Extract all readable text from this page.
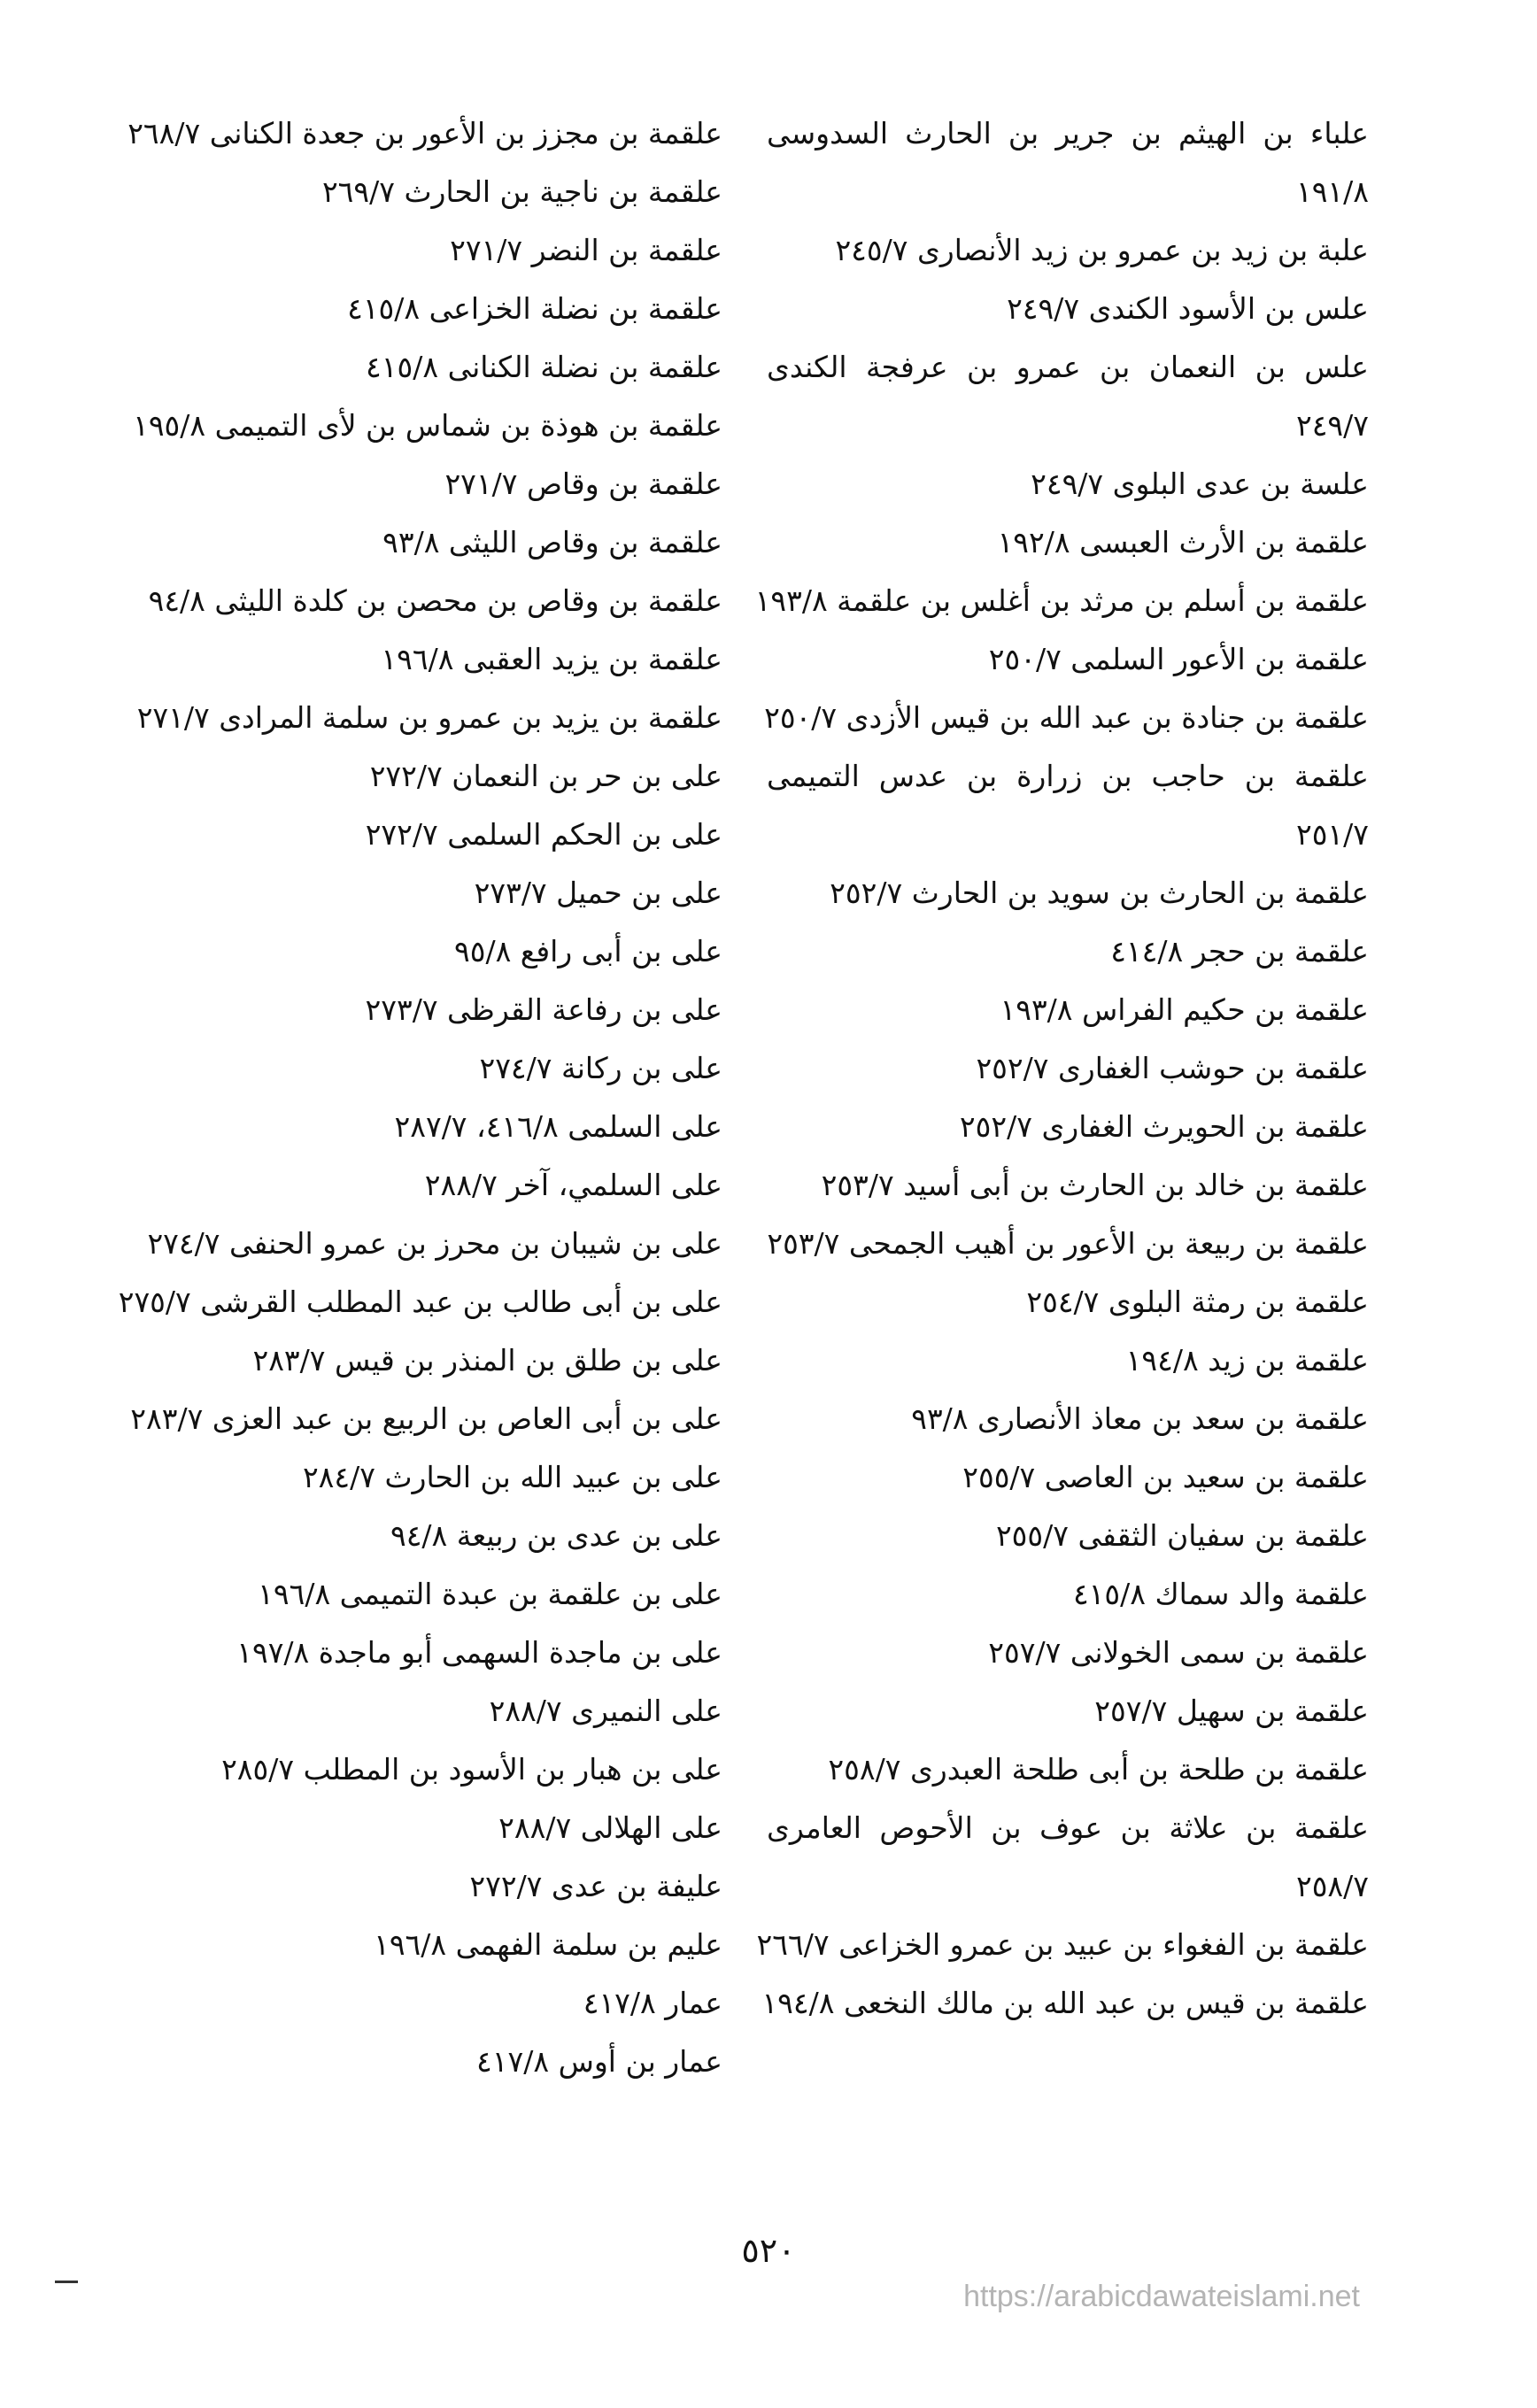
علباء بن الهيثم بن جرير بن الحارث السدوسی ۱۹۱/۸

علبة بن زيد بن عمرو بن زيد الأنصاری ۲٤٥/۷

علس بن الأسود الكندی ۲٤۹/۷

علس بن النعمان بن عمرو بن عرفجة الكندی ۲٤۹/۷

علسة بن عدی البلوی ۲٤۹/۷

علقمة بن الأرث العبسی ۱۹۲/۸

علقمة بن أسلم بن مرثد بن أغلس بن علقمة ۱۹۳/۸

علقمة بن الأعور السلمی ۲٥۰/۷

علقمة بن جنادة بن عبد الله بن قيس الأزدی ۲٥۰/۷

علقمة بن حاجب بن زرارة بن عدس التميمی ۲٥۱/۷

علقمة بن الحارث بن سويد بن الحارث ۲٥۲/۷

علقمة بن حجر ٤۱٤/۸

علقمة بن حكيم الفراس ۱۹۳/۸

علقمة بن حوشب الغفاری ۲٥۲/۷

علقمة بن الحويرث الغفاری ۲٥۲/۷

علقمة بن خالد بن الحارث بن أبی أسيد ۲٥۳/۷

علقمة بن ربيعة بن الأعور بن أهيب الجمحی ۲٥۳/۷

علقمة بن رمثة البلوی ۲٥٤/۷

علقمة بن زيد ۱۹٤/۸

علقمة بن سعد بن معاذ الأنصاری ۹۳/۸

علقمة بن سعيد بن العاصی ۲٥٥/۷

علقمة بن سفيان الثقفی ۲٥٥/۷

علقمة والد سماك ٤۱٥/۸

علقمة بن سمی الخولانی ۲٥۷/۷

علقمة بن سهيل ۲٥۷/۷

علقمة بن طلحة بن أبی طلحة العبدری ۲٥۸/۷

علقمة بن علاثة بن عوف بن الأحوص العامری ۲٥۸/۷

علقمة بن الفغواء بن عبيد بن عمرو الخزاعی ۲٦٦/۷

علقمة بن قيس بن عبد الله بن مالك النخعی ۱۹٤/۸

علقمة بن مجزز بن الأعور بن جعدة الكنانی ۲٦۸/۷

علقمة بن ناجية بن الحارث ۲٦۹/۷

علقمة بن النضر ۲۷۱/۷

علقمة بن نضلة الخزاعی ٤۱٥/۸

علقمة بن نضلة الكنانی ٤۱٥/۸

علقمة بن هوذة بن شماس بن لأی التميمی ۱۹٥/۸

علقمة بن وقاص ۲۷۱/۷

علقمة بن وقاص الليثی ۹۳/۸

علقمة بن وقاص بن محصن بن كلدة الليثی ۹٤/۸

علقمة بن يزيد العقبی ۱۹٦/۸

علقمة بن يزيد بن عمرو بن سلمة المرادی ۲۷۱/۷

علی بن حر بن النعمان ۲۷۲/۷

علی بن الحكم السلمی ۲۷۲/۷

علی بن حميل ۲۷۳/۷

علی بن أبی رافع ۹٥/۸

علی بن رفاعة القرظی ۲۷۳/۷

علی بن ركانة ۲۷٤/۷

علی السلمی ٤۱٦/۸، ۲۸۷/۷

علی السلمي، آخر ۲۸۸/۷

علی بن شيبان بن محرز بن عمرو الحنفی ۲۷٤/۷

علی بن أبی طالب بن عبد المطلب القرشی ۲۷٥/۷

علی بن طلق بن المنذر بن قيس ۲۸۳/۷

علی بن أبی العاص بن الربيع بن عبد العزی ۲۸۳/۷

علی بن عبيد الله بن الحارث ۲۸٤/۷

علی بن عدی بن ربيعة ۹٤/۸

علی بن علقمة بن عبدة التميمی ۱۹٦/۸

علی بن ماجدة السهمی أبو ماجدة ۱۹۷/۸

علی النميری ۲۸۸/۷

علی بن هبار بن الأسود بن المطلب ۲۸٥/۷

علی الهلالی ۲۸۸/۷

عليفة بن عدی ۲۷۲/۷

عليم بن سلمة الفهمی ۱۹٦/۸

عمار ٤۱۷/۸

عمار بن أوس ٤۱۷/۸

٥٢٠
https://arabicdawateislami.net
